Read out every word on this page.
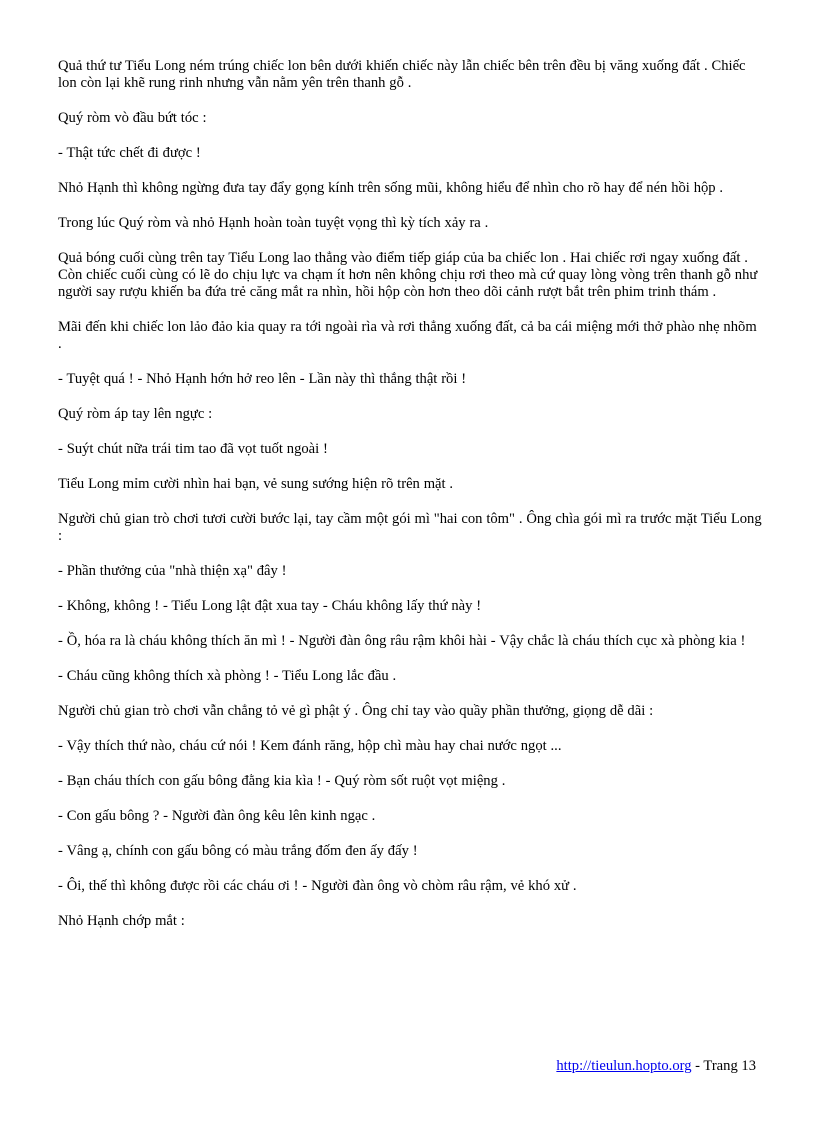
Quả thứ tư Tiểu Long ném trúng chiếc lon bên dưới khiến chiếc này lẫn chiếc bên trên đều bị văng xuống đất . Chiếc lon còn lại khẽ rung rinh nhưng vẫn nằm yên trên thanh gỗ .

Quý ròm vò đầu bứt tóc :

- Thật tức chết đi được !

Nhỏ Hạnh thì không ngừng đưa tay đẩy gọng kính trên sống mũi, không hiểu để nhìn cho rõ hay để nén hồi hộp .

Trong lúc Quý ròm và nhỏ Hạnh hoàn toàn tuyệt vọng thì kỳ tích xảy ra .

Quả bóng cuối cùng trên tay Tiểu Long lao thẳng vào điểm tiếp giáp của ba chiếc lon . Hai chiếc rơi ngay xuống đất . Còn chiếc cuối cùng có lẽ do chịu lực va chạm ít hơn nên không chịu rơi theo mà cứ quay lòng vòng trên thanh gỗ như người say rượu khiến ba đứa trẻ căng mắt ra nhìn, hồi hộp còn hơn theo dõi cảnh rượt bắt trên phim trinh thám .

Mãi đến khi chiếc lon lảo đảo kia quay ra tới ngoài rìa và rơi thẳng xuống đất, cả ba cái miệng mới thở phào nhẹ nhõm .

- Tuyệt quá ! - Nhỏ Hạnh hớn hở reo lên - Lần này thì thắng thật rồi !

Quý ròm áp tay lên ngực :

- Suýt chút nữa trái tim tao đã vọt tuốt ngoài !

Tiểu Long mỉm cười nhìn hai bạn, vẻ sung sướng hiện rõ trên mặt .

Người chủ gian trò chơi tươi cười bước lại, tay cầm một gói mì "hai con tôm" . Ông chìa gói mì ra trước mặt Tiểu Long :

- Phần thưởng của "nhà thiện xạ" đây !

- Không, không ! - Tiểu Long lật đật xua tay - Cháu không lấy thứ này !

- Ồ, hóa ra là cháu không thích ăn mì ! - Người đàn ông râu rậm khôi hài - Vậy chắc là cháu thích cục xà phòng kia !

- Cháu cũng không thích xà phòng ! - Tiểu Long lắc đầu .

Người chủ gian trò chơi vẫn chẳng tỏ vẻ gì phật ý . Ông chỉ tay vào quầy phần thưởng, giọng dễ dãi :

- Vậy thích thứ nào, cháu cứ nói ! Kem đánh răng, hộp chì màu hay chai nước ngọt ...

- Bạn cháu thích con gấu bông đằng kia kìa ! - Quý ròm sốt ruột vọt miệng .

- Con gấu bông ? - Người đàn ông kêu lên kinh ngạc .

- Vâng ạ, chính con gấu bông có màu trắng đốm đen ấy đấy !

- Ôi, thế thì không được rồi các cháu ơi ! - Người đàn ông vò chòm râu rậm, vẻ khó xử .

Nhỏ Hạnh chớp mắt :

http://tieulun.hopto.org - Trang 13
